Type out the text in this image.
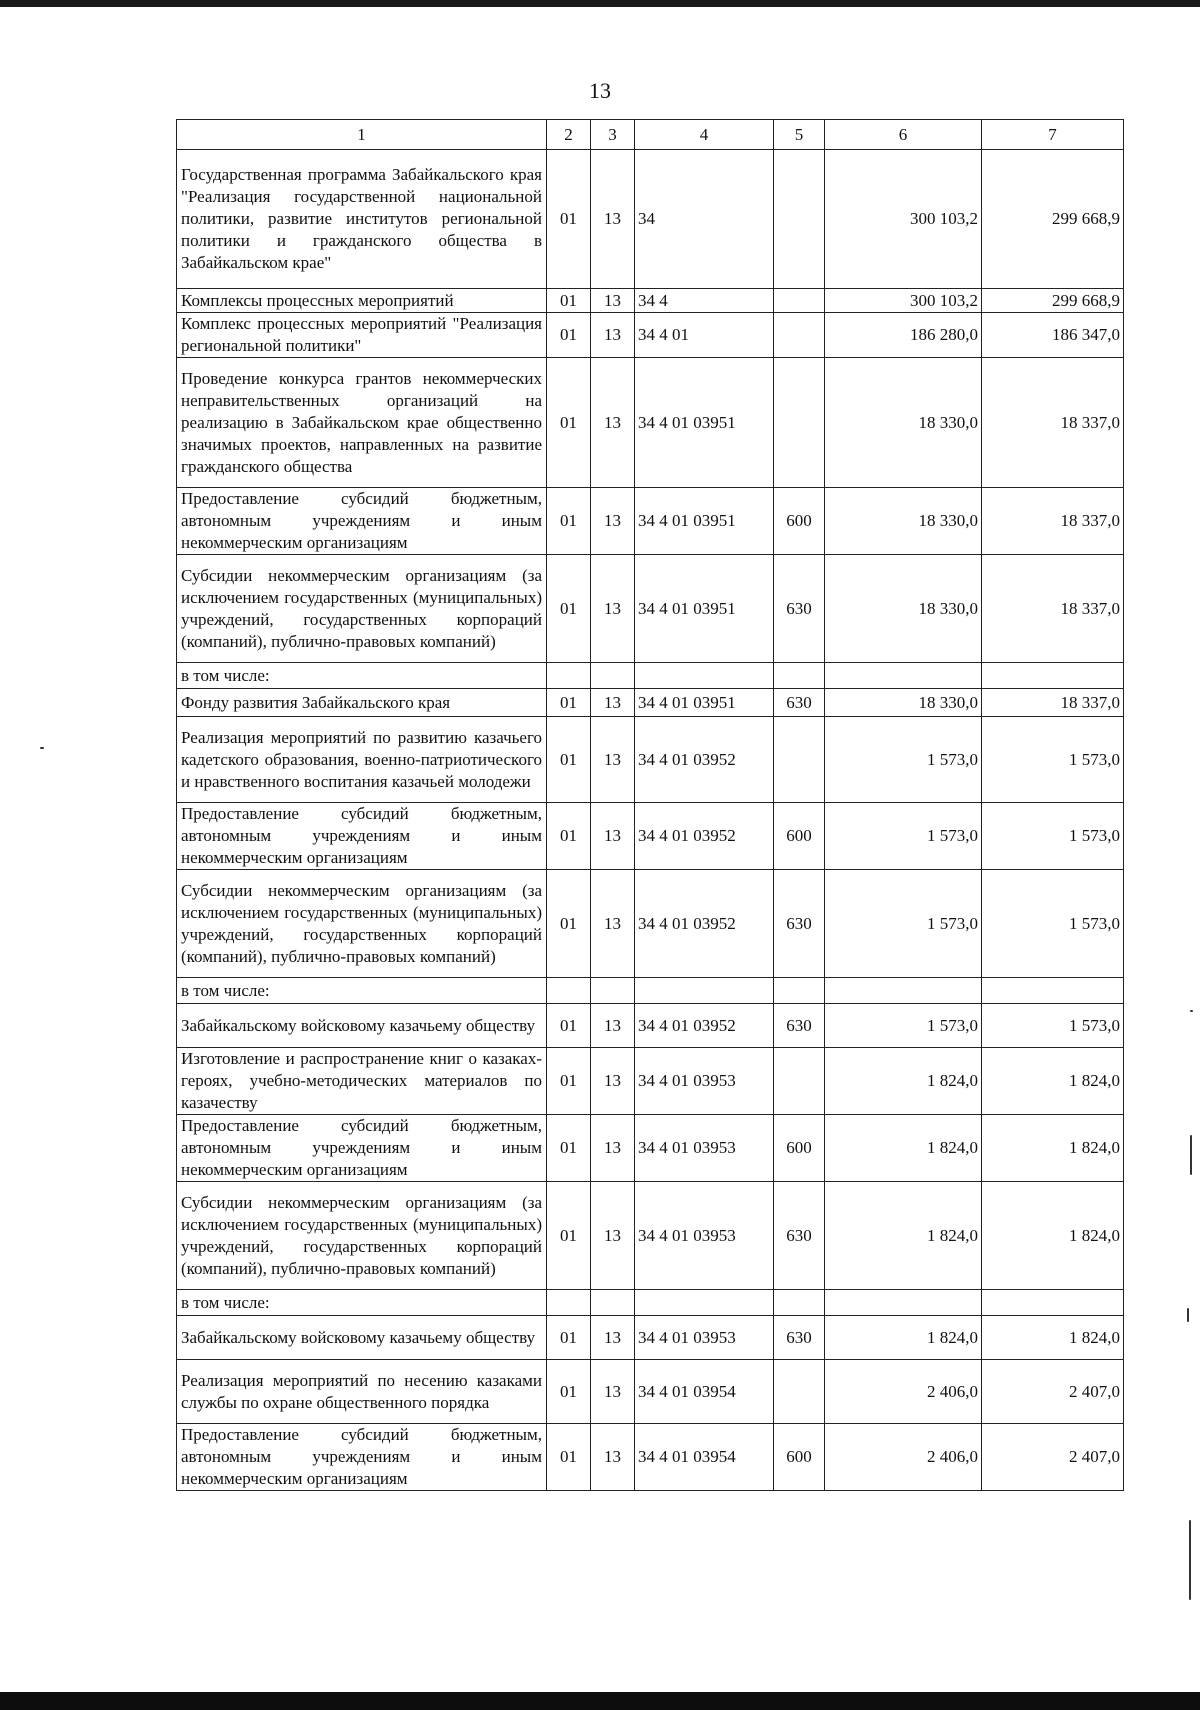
13
1	2	3	4	5	6	7
Государственная программа Забайкальского края "Реализация государственной национальной политики, развитие институтов региональной политики и гражданского общества в Забайкальском крае"	01	13	34		300 103,2	299 668,9
Комплексы процессных мероприятий	01	13	34 4		300 103,2	299 668,9
Комплекс процессных мероприятий "Реализация региональной политики"	01	13	34 4 01		186 280,0	186 347,0
Проведение конкурса грантов некоммерческих неправительственных организаций на реализацию в Забайкальском крае общественно значимых проектов, направленных на развитие гражданского общества	01	13	34 4 01 03951		18 330,0	18 337,0
Предоставление субсидий бюджетным, автономным учреждениям и иным некоммерческим организациям	01	13	34 4 01 03951	600	18 330,0	18 337,0
Субсидии некоммерческим организациям (за исключением государственных (муниципальных) учреждений, государственных корпораций (компаний), публично-правовых компаний)	01	13	34 4 01 03951	630	18 330,0	18 337,0
в том числе:						
Фонду развития Забайкальского края	01	13	34 4 01 03951	630	18 330,0	18 337,0
Реализация мероприятий по развитию казачьего кадетского образования, военно-патриотического и нравственного воспитания казачьей молодежи	01	13	34 4 01 03952		1 573,0	1 573,0
Предоставление субсидий бюджетным, автономным учреждениям и иным некоммерческим организациям	01	13	34 4 01 03952	600	1 573,0	1 573,0
Субсидии некоммерческим организациям (за исключением государственных (муниципальных) учреждений, государственных корпораций (компаний), публично-правовых компаний)	01	13	34 4 01 03952	630	1 573,0	1 573,0
в том числе:						
Забайкальскому войсковому казачьему обществу	01	13	34 4 01 03952	630	1 573,0	1 573,0
Изготовление и распространение книг о казаках-героях, учебно-методических материалов по казачеству	01	13	34 4 01 03953		1 824,0	1 824,0
Предоставление субсидий бюджетным, автономным учреждениям и иным некоммерческим организациям	01	13	34 4 01 03953	600	1 824,0	1 824,0
Субсидии некоммерческим организациям (за исключением государственных (муниципальных) учреждений, государственных корпораций (компаний), публично-правовых компаний)	01	13	34 4 01 03953	630	1 824,0	1 824,0
в том числе:						
Забайкальскому войсковому казачьему обществу	01	13	34 4 01 03953	630	1 824,0	1 824,0
Реализация мероприятий по несению казаками службы по охране общественного порядка	01	13	34 4 01 03954		2 406,0	2 407,0
Предоставление субсидий бюджетным, автономным учреждениям и иным некоммерческим организациям	01	13	34 4 01 03954	600	2 406,0	2 407,0
